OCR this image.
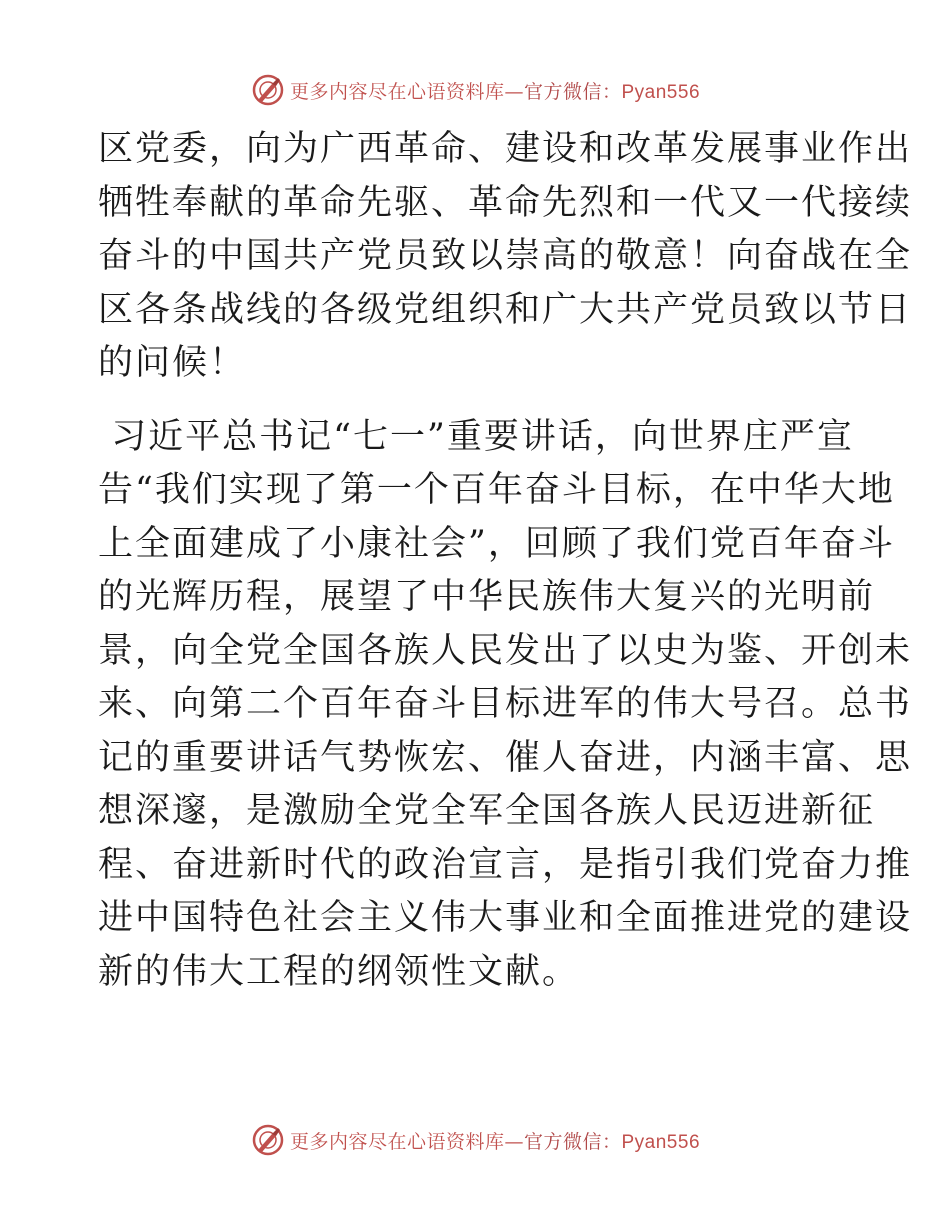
更多内容尽在心语资料库—官方微信：Pyan556

区党委，向为广西革命、建设和改革发展事业作出
牺牲奉献的革命先驱、革命先烈和一代又一代接续
奋斗的中国共产党员致以崇高的敬意！向奋战在全
区各条战线的各级党组织和广大共产党员致以节日
的问候！

习近平总书记“七一”重要讲话，向世界庄严宣
告“我们实现了第一个百年奋斗目标，在中华大地
上全面建成了小康社会”，回顾了我们党百年奋斗
的光辉历程，展望了中华民族伟大复兴的光明前
景，向全党全国各族人民发出了以史为鉴、开创未
来、向第二个百年奋斗目标进军的伟大号召。总书
记的重要讲话气势恢宏、催人奋进，内涵丰富、思
想深邃，是激励全党全军全国各族人民迈进新征
程、奋进新时代的政治宣言，是指引我们党奋力推
进中国特色社会主义伟大事业和全面推进党的建设
新的伟大工程的纲领性文献。

更多内容尽在心语资料库—官方微信：Pyan556
